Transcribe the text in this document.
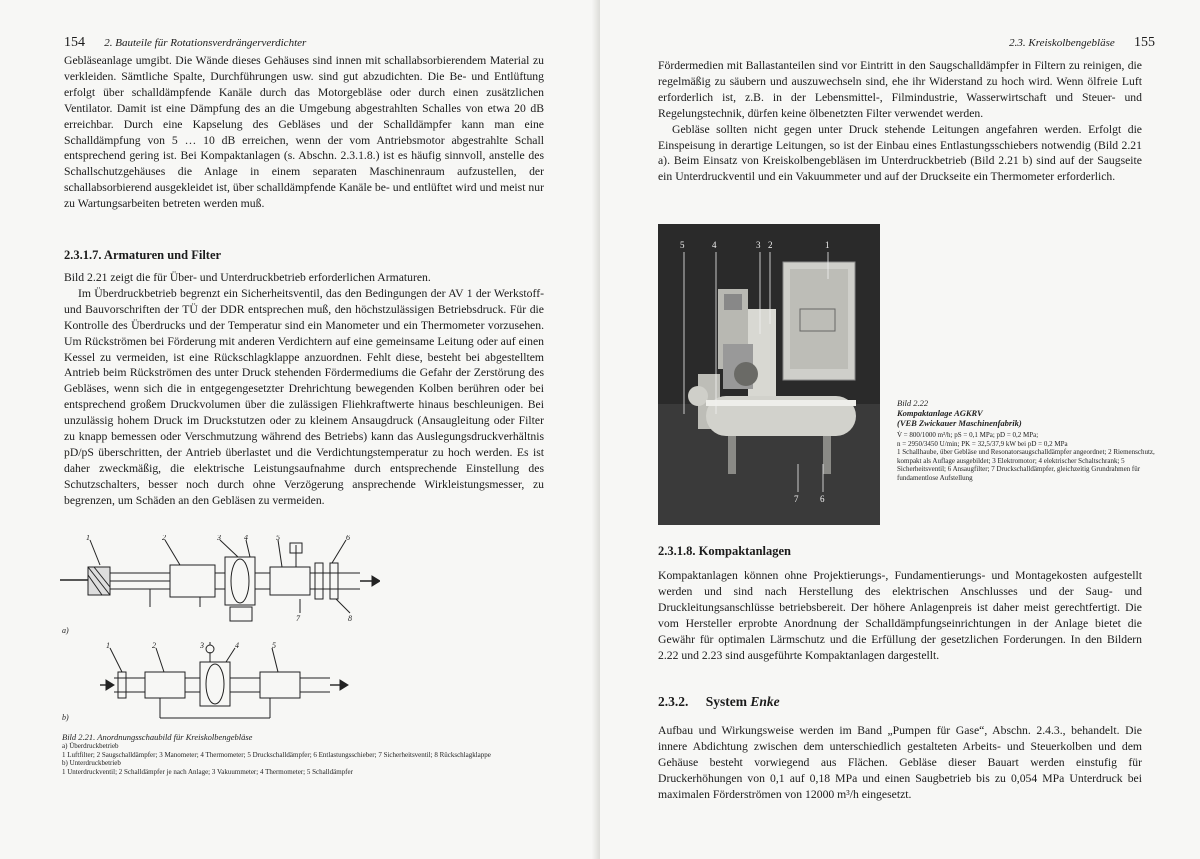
154 2. Bauteile für Rotationsverdrängerverdichter

Gebläseanlage umgibt. Die Wände dieses Gehäuses sind innen mit schallabsorbierendem Material zu verkleiden. Sämtliche Spalte, Durchführungen usw. sind gut abzudichten. Die Be- und Entlüftung erfolgt über schalldämpfende Kanäle durch das Motorgebläse oder durch einen zusätzlichen Ventilator. Damit ist eine Dämpfung des an die Umgebung abgestrahlten Schalles von etwa 20 dB erreichbar. Durch eine Kapselung des Gebläses und der Schalldämpfer kann man eine Schalldämpfung von 5 … 10 dB erreichen, wenn der vom Antriebsmotor abgestrahlte Schall entsprechend gering ist. Bei Kompaktanlagen (s. Abschn. 2.3.1.8.) ist es häufig sinnvoll, anstelle des Schallschutzgehäuses die Anlage in einem separaten Maschinenraum aufzustellen, der schallabsorbierend ausgekleidet ist, über schalldämpfende Kanäle be- und entlüftet wird und meist nur zu Wartungsarbeiten betreten werden muß.

2.3.1.7. Armaturen und Filter

Bild 2.21 zeigt die für Über- und Unterdruckbetrieb erforderlichen Armaturen.

Im Überdruckbetrieb begrenzt ein Sicherheitsventil, das den Bedingungen der AV 1 der Werkstoff- und Bauvorschriften der TÜ der DDR entsprechen muß, den höchstzulässigen Betriebsdruck. Für die Kontrolle des Überdrucks und der Temperatur sind ein Manometer und ein Thermometer vorzusehen. Um Rückströmen bei Förderung mit anderen Verdichtern auf eine gemeinsame Leitung oder auf einen Kessel zu vermeiden, ist eine Rückschlagklappe anzuordnen. Fehlt diese, besteht bei abgestelltem Antrieb beim Rückströmen des unter Druck stehenden Fördermediums die Gefahr der Zerstörung des Gebläses, wenn sich die in entgegengesetzter Drehrichtung bewegenden Kolben berühren oder bei entsprechend großem Druckvolumen über die zulässigen Fliehkraftwerte hinaus beschleunigen. Bei unzulässig hohem Druck im Druckstutzen oder zu kleinem Ansaugdruck (Ansaugleitung oder Filter zu knapp bemessen oder Verschmutzung während des Betriebs) kann das Auslegungsdruckverhältnis pD/pS überschritten, der Antrieb überlastet und die Verdichtungstemperatur zu hoch werden. Es ist daher zweckmäßig, die elektrische Leistungsaufnahme durch entsprechende Einstellung des Schutzschalters, besser noch durch ohne Verzögerung ansprechende Wirkleistungsmesser, zu begrenzen, um Schäden an den Gebläsen zu vermeiden.

1	2	3	4	5	6
7	8
a)
1	2	3	4	5
b)
Bild 2.21. Anordnungsschaubild für Kreiskolbengebläse
a) Überdruckbetrieb
1 Luftfilter; 2 Saugschalldämpfer; 3 Manometer; 4 Thermometer; 5 Druckschalldämpfer; 6 Entlastungsschieber; 7 Sicherheitsventil; 8 Rückschlagklappe
b) Unterdruckbetrieb
1 Unterdruckventil; 2 Schalldämpfer je nach Anlage; 3 Vakuummeter; 4 Thermometer; 5 Schalldämpfer
2.3. Kreiskolbengebläse 155

Fördermedien mit Ballastanteilen sind vor Eintritt in den Saugschalldämpfer in Filtern zu reinigen, die regelmäßig zu säubern und auszuwechseln sind, ehe ihr Widerstand zu hoch wird. Wenn ölfreie Luft erforderlich ist, z.B. in der Lebensmittel-, Filmindustrie, Wasserwirtschaft und Steuer- und Regelungstechnik, dürfen keine ölbenetzten Filter verwendet werden.

Gebläse sollten nicht gegen unter Druck stehende Leitungen angefahren werden. Erfolgt die Einspeisung in derartige Leitungen, so ist der Einbau eines Entlastungsschiebers notwendig (Bild 2.21 a). Beim Einsatz von Kreiskolbengebläsen im Unterdruckbetrieb (Bild 2.21 b) sind auf der Saugseite ein Unterdruckventil und ein Vakuummeter und auf der Druckseite ein Thermometer erforderlich.

5	4	3 2	1
7 6
Bild 2.22
Kompaktanlage AGKRV
(VEB Zwickauer Maschinenfabrik)
V̇ = 800/1000 m³/h; pS = 0,1 MPa; pD = 0,2 MPa;
n = 2950/3450 U/min; PK = 32,5/37,9 kW bei pD = 0,2 MPa
1 Schallhaube, über Gebläse und Resonatorsaugschalldämpfer angeordnet; 2 Riemenschutz, kompakt als Auflage ausgebildet; 3 Elektromotor; 4 elektrischer Schaltschrank; 5 Sicherheitsventil; 6 Ansaugfilter; 7 Druckschalldämpfer, gleichzeitig Grundrahmen für fundamentlose Aufstellung
2.3.1.8. Kompaktanlagen

Kompaktanlagen können ohne Projektierungs-, Fundamentierungs- und Montagekosten aufgestellt werden und sind nach Herstellung des elektrischen Anschlusses und der Saug- und Druckleitungsanschlüsse betriebsbereit. Der höhere Anlagenpreis ist daher meist gerechtfertigt. Die vom Hersteller erprobte Anordnung der Schalldämpfungseinrichtungen in der Anlage bietet die Gewähr für optimalen Lärmschutz und die Erfüllung der gesetzlichen Forderungen. In den Bildern 2.22 und 2.23 sind ausgeführte Kompaktanlagen dargestellt.

2.3.2. System Enke

Aufbau und Wirkungsweise werden im Band „Pumpen für Gase“, Abschn. 2.4.3., behandelt. Die innere Abdichtung zwischen dem unterschiedlich gestalteten Arbeits- und Steuerkolben und dem Gehäuse besteht vorwiegend aus Flächen. Gebläse dieser Bauart werden einstufig für Druckerhöhungen von 0,1 auf 0,18 MPa und einen Saugbetrieb bis zu 0,054 MPa Unterdruck bei maximalen Förderströmen von 12000 m³/h eingesetzt.
